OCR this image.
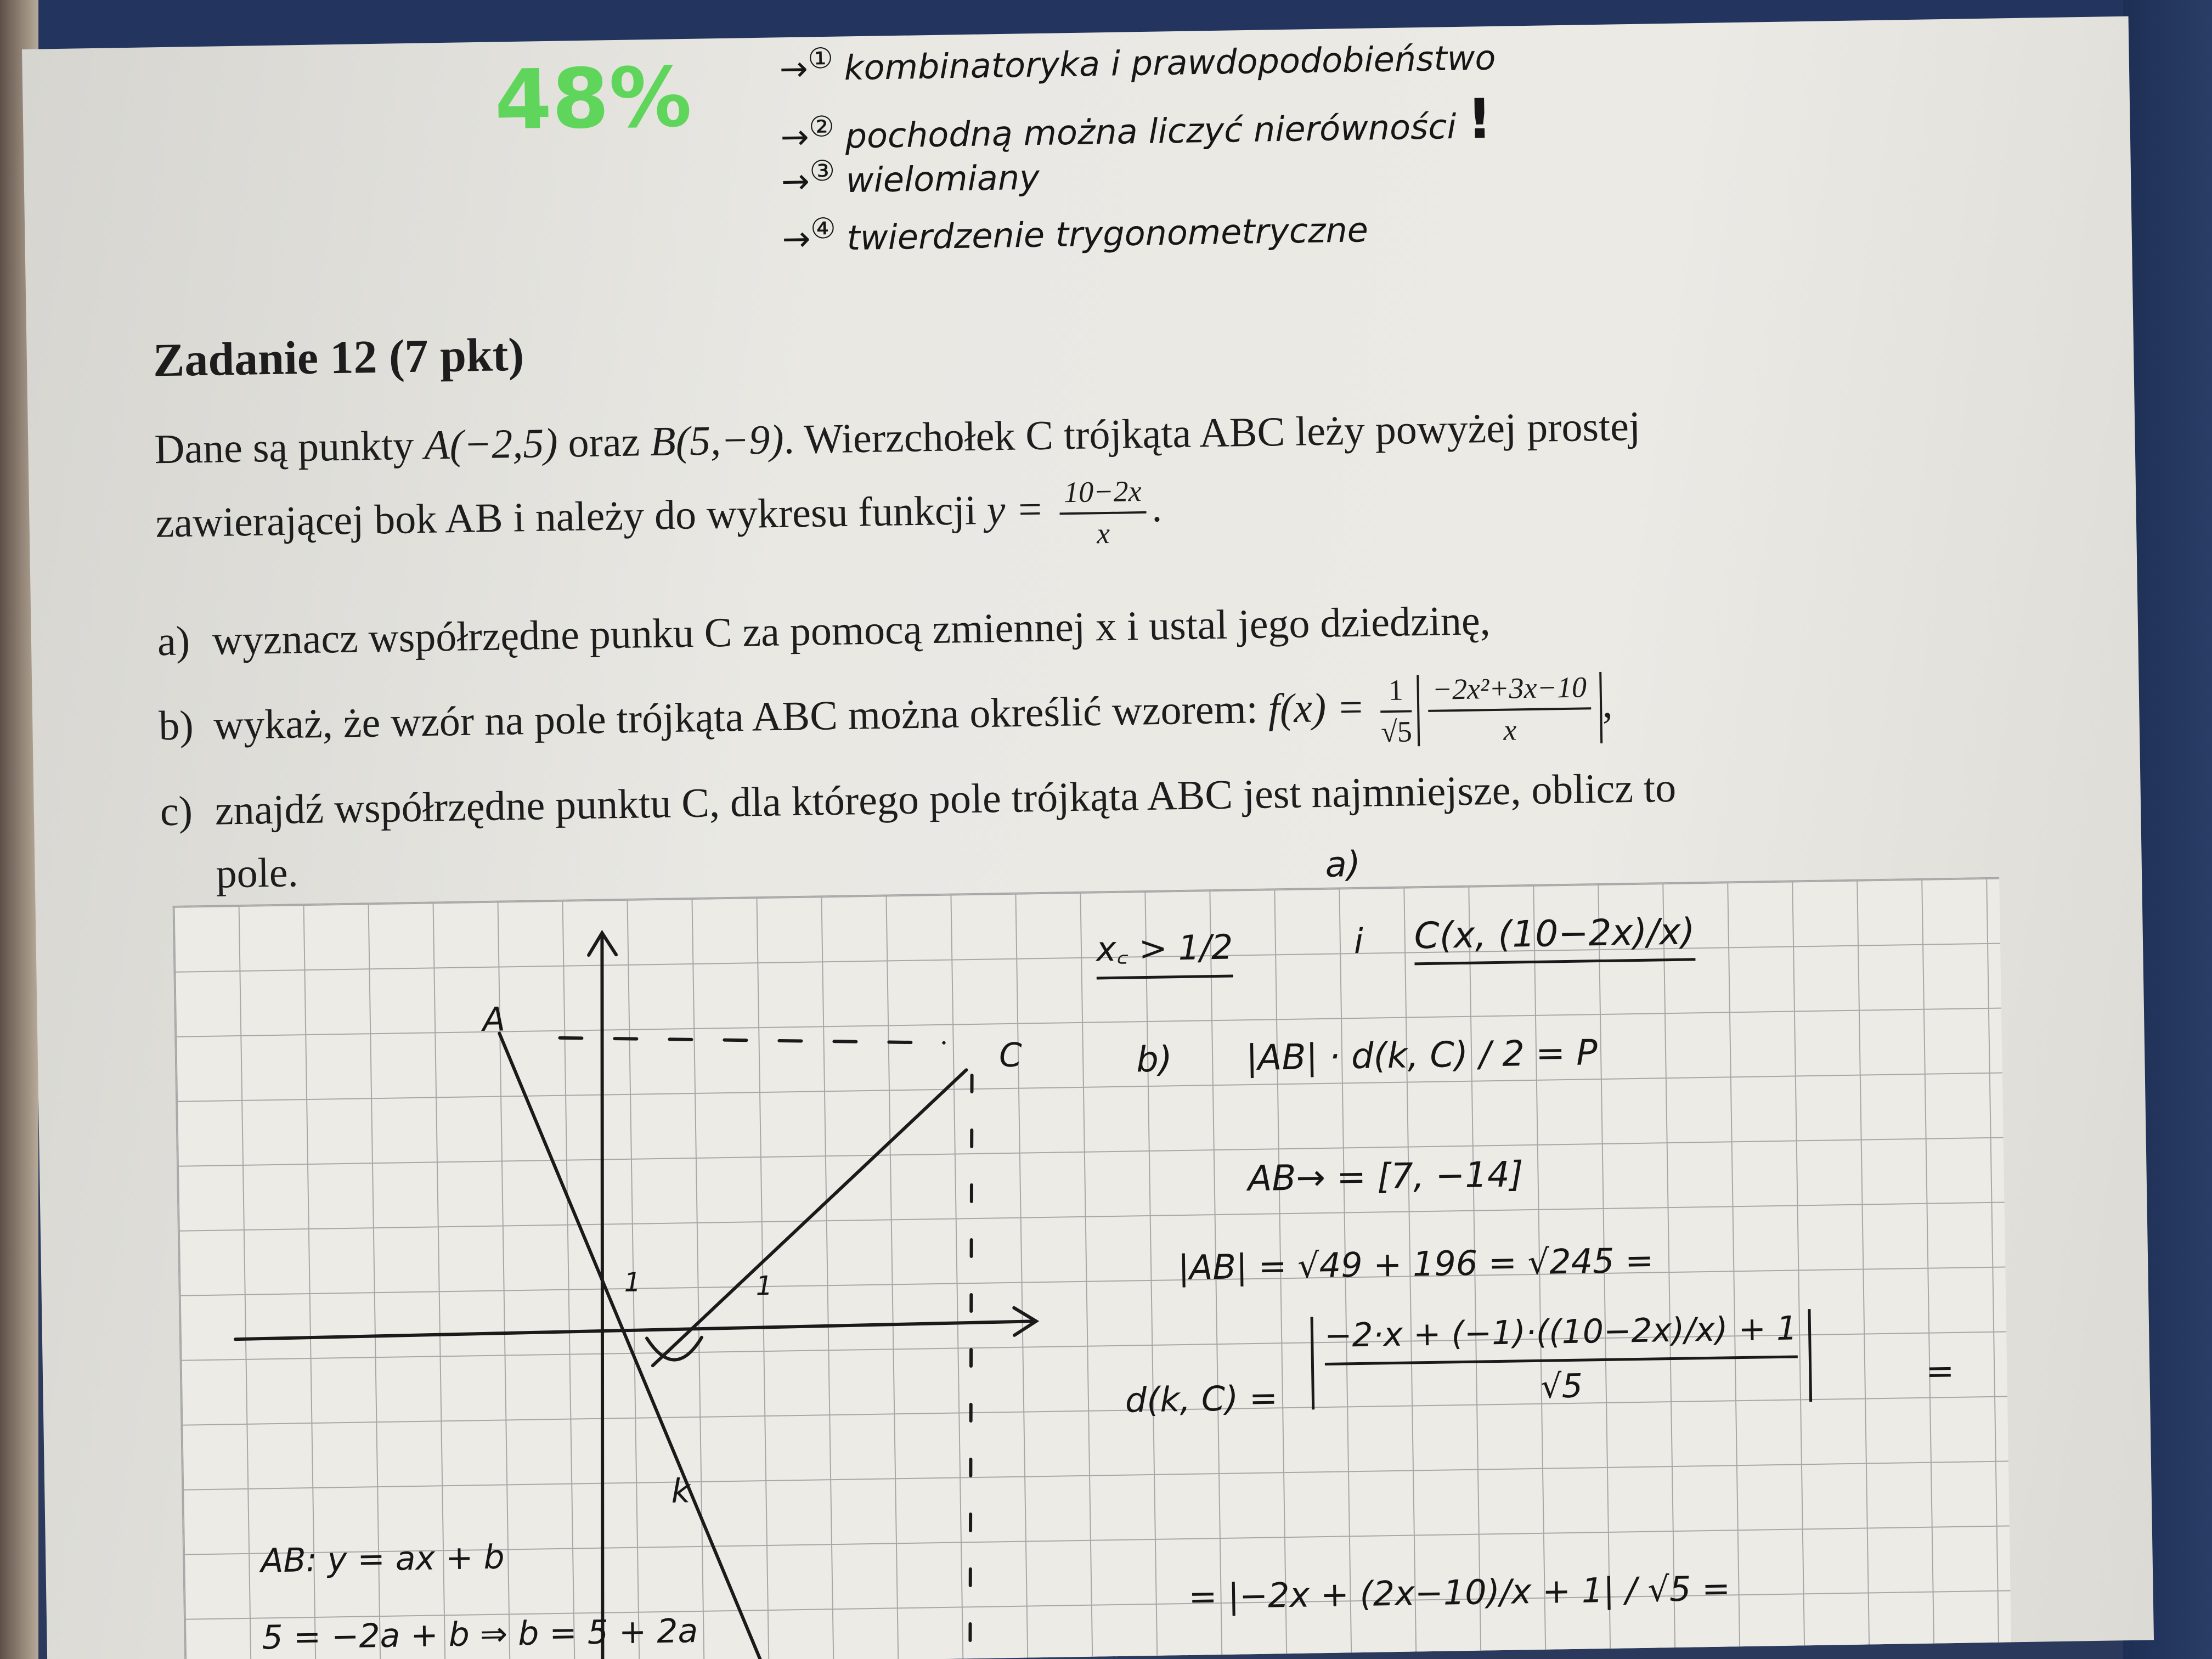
48%	→① kombinatoryka i prawdopodobieństwo
→② pochodną można liczyć nierówności !
→③ wielomiany
→④ twierdzenie trygonometryczne
Zadanie 12 (7 pkt)
Dane są punkty A(−2,5) oraz B(5,−9). Wierzchołek C trójkąta ABC leży powyżej prostej
zawierającej bok AB i należy do wykresu funkcji $y = \frac{10-2x}{x}$ .
a) wyznacz współrzędne punku C za pomocą zmiennej x i ustal jego dziedzinę,
b) wykaż, że wzór na pole trójkąta ABC można określić wzorem: $f(x) = \frac{1}{√5} \frac{\text{−2x²+3x−10}}{x}$ ,
c) znajdź współrzędne punktu C, dla którego pole trójkąta ABC jest najmniejsze, oblicz to
pole.
A
C
k
1	1
AB: y = ax + b
5 = −2a + b ⇒ b = 5 + 2a
a)
x꜀ > 1/2	i C(x, (10−2x)/x)
b) |AB| · d(k, C) / 2 = P
AB→ = [7, −14]
|AB| = √49 + 196 = √245 =
d(k, $C) = \frac{-2\cdot x + (-1)\cdot((10-2x)/x) + 1}{√5}$	=
= |−2x + (2x−10)/x + 1| / √5 =
